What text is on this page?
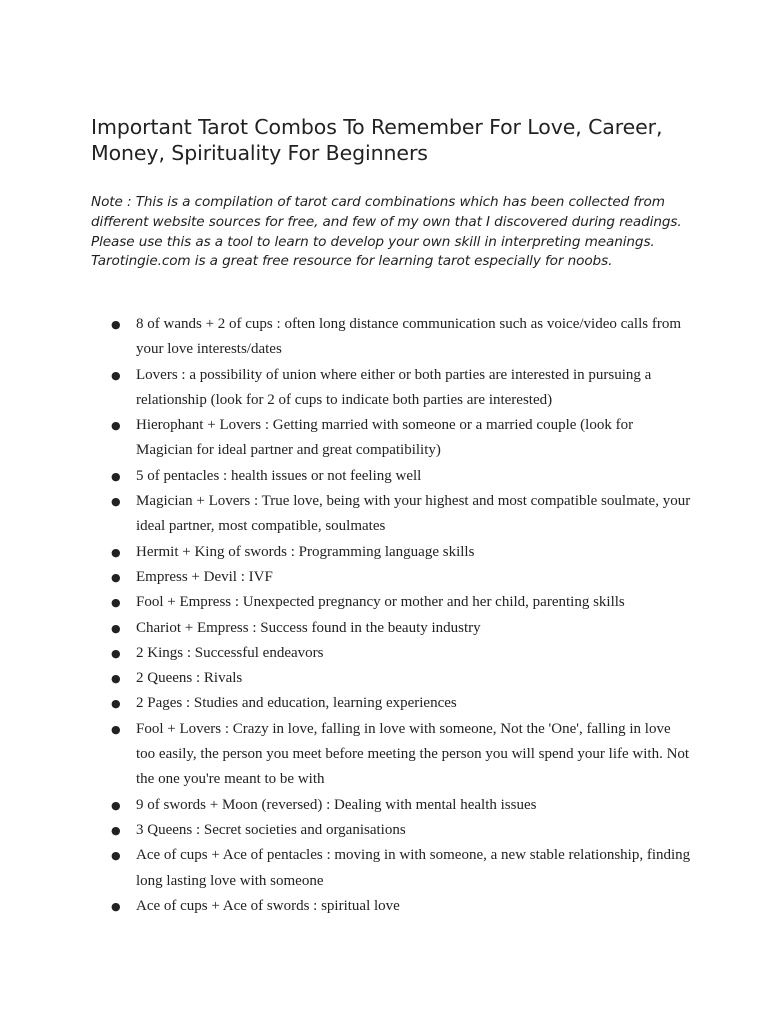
Important Tarot Combos To Remember For Love, Career, Money, Spirituality For Beginners

Note : This is a compilation of tarot card combinations which has been collected from different website sources for free, and few of my own that I discovered during readings. Please use this as a tool to learn to develop your own skill in interpreting meanings. Tarotingie.com is a great free resource for learning tarot especially for noobs.

● 8 of wands + 2 of cups : often long distance communication such as voice/video calls from your love interests/dates
● Lovers : a possibility of union where either or both parties are interested in pursuing a relationship (look for 2 of cups to indicate both parties are interested)
● Hierophant + Lovers : Getting married with someone or a married couple (look for Magician for ideal partner and great compatibility)
● 5 of pentacles : health issues or not feeling well
● Magician + Lovers : True love, being with your highest and most compatible soulmate, your ideal partner, most compatible, soulmates
● Hermit + King of swords : Programming language skills
● Empress + Devil : IVF
● Fool + Empress : Unexpected pregnancy or mother and her child, parenting skills
● Chariot + Empress : Success found in the beauty industry
● 2 Kings : Successful endeavors
● 2 Queens : Rivals
● 2 Pages : Studies and education, learning experiences
● Fool + Lovers : Crazy in love, falling in love with someone, Not the 'One', falling in love too easily, the person you meet before meeting the person you will spend your life with. Not the one you're meant to be with
● 9 of swords + Moon (reversed) : Dealing with mental health issues
● 3 Queens : Secret societies and organisations
● Ace of cups + Ace of pentacles : moving in with someone, a new stable relationship, finding long lasting love with someone
● Ace of cups + Ace of swords : spiritual love
